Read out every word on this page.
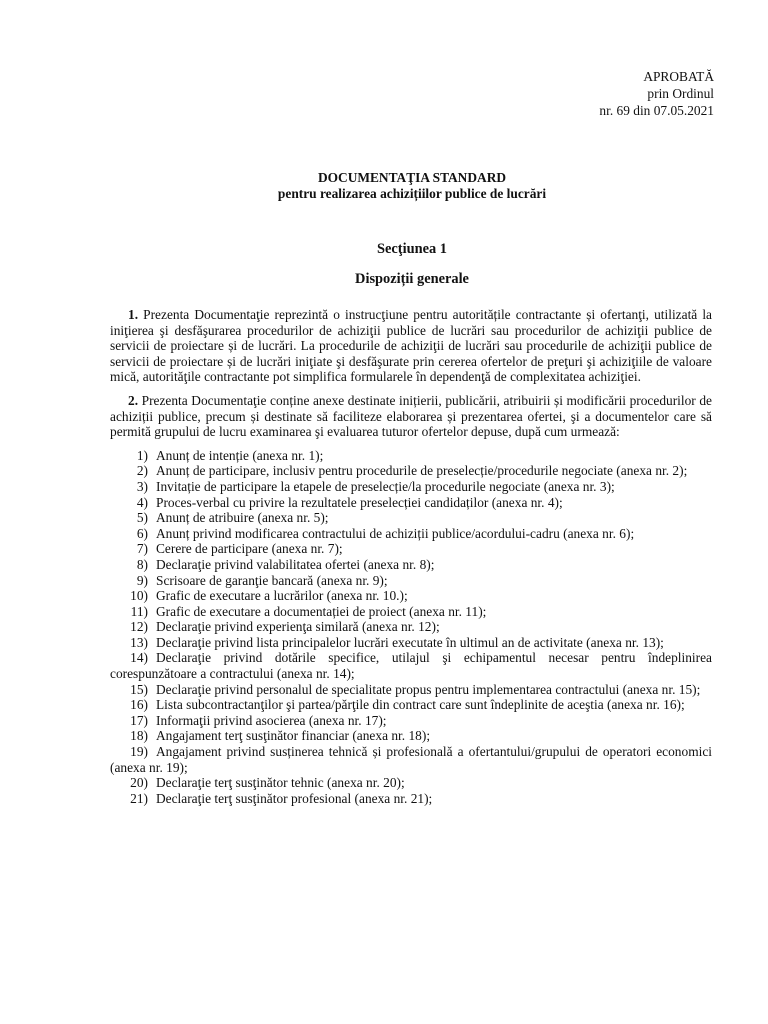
APROBATĂ
prin Ordinul
nr. 69 din 07.05.2021
DOCUMENTAŢIA STANDARD
pentru realizarea achizițiilor publice de lucrări
Secţiunea 1
Dispoziții generale

1. Prezenta Documentaţie reprezintă o instrucţiune pentru autoritățile contractante și ofertanţi, utilizată la iniţierea şi desfăşurarea procedurilor de achiziţii publice de lucrări sau procedurilor de achiziţii publice de servicii de proiectare și de lucrări. La procedurile de achiziţii de lucrări sau procedurile de achiziţii publice de servicii de proiectare și de lucrări iniţiate şi desfăşurate prin cererea ofertelor de preţuri şi achiziţiile de valoare mică, autorităţile contractante pot simplifica formularele în dependenţă de complexitatea achiziţiei.

2. Prezenta Documentaţie conține anexe destinate inițierii, publicării, atribuirii și modificării procedurilor de achiziții publice, precum și destinate să faciliteze elaborarea și prezentarea ofertei, şi a documentelor care să permită grupului de lucru examinarea şi evaluarea tuturor ofertelor depuse, după cum urmează:

1) Anunț de intenție (anexa nr. 1);
2) Anunț de participare, inclusiv pentru procedurile de preselecție/procedurile negociate (anexa nr. 2);
3) Invitație de participare la etapele de preselecție/la procedurile negociate (anexa nr. 3);
4) Proces-verbal cu privire la rezultatele preselecției candidaților (anexa nr. 4);
5) Anunț de atribuire (anexa nr. 5);
6) Anunț privind modificarea contractului de achiziții publice/acordului-cadru (anexa nr. 6);
7) Cerere de participare (anexa nr. 7);
8) Declaraţie privind valabilitatea ofertei (anexa nr. 8);
9) Scrisoare de garanţie bancară (anexa nr. 9);
10) Grafic de executare a lucrărilor (anexa nr. 10.);
11) Grafic de executare a documentației de proiect (anexa nr. 11);
12) Declaraţie privind experienţa similară (anexa nr. 12);
13) Declaraţie privind lista principalelor lucrări executate în ultimul an de activitate (anexa nr. 13);
14) Declaraţie privind dotările specifice, utilajul şi echipamentul necesar pentru îndeplinirea corespunzătoare a contractului (anexa nr. 14);
15) Declaraţie privind personalul de specialitate propus pentru implementarea contractului (anexa nr. 15);
16) Lista subcontractanţilor şi partea/părţile din contract care sunt îndeplinite de aceştia (anexa nr. 16);
17) Informaţii privind asocierea (anexa nr. 17);
18) Angajament terţ susţinător financiar (anexa nr. 18);
19) Angajament privind susținerea tehnică și profesională a ofertantului/grupului de operatori economici (anexa nr. 19);
20) Declaraţie terţ susţinător tehnic (anexa nr. 20);
21) Declaraţie terţ susţinător profesional (anexa nr. 21);
